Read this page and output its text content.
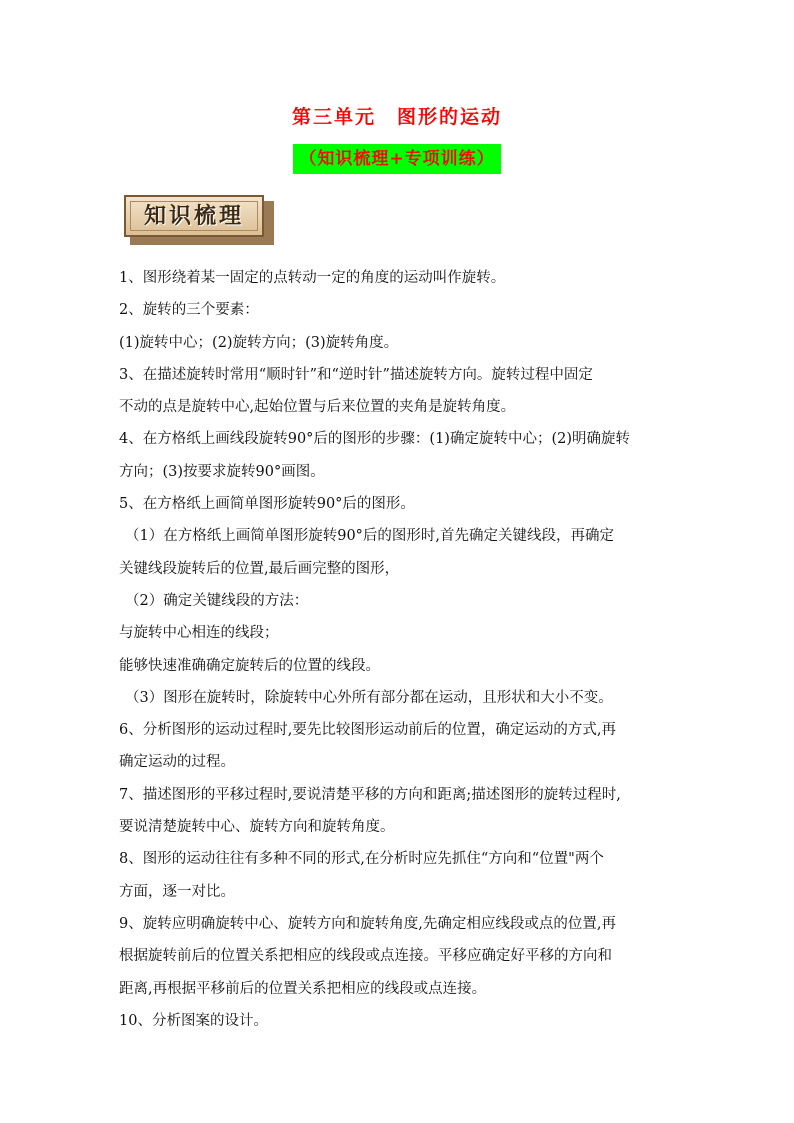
第三单元　图形的运动
（知识梳理+专项训练）
知识梳理
1、图形绕着某一固定的点转动一定的角度的运动叫作旋转。
2、旋转的三个要素：
(1)旋转中心；(2)旋转方向；(3)旋转角度。
3、在描述旋转时常用“顺时针”和“逆时针”描述旋转方向。旋转过程中固定
不动的点是旋转中心,起始位置与后来位置的夹角是旋转角度。
4、在方格纸上画线段旋转90°后的图形的步骤：(1)确定旋转中心；(2)明确旋转
方向；(3)按要求旋转90°画图。
5、在方格纸上画简单图形旋转90°后的图形。
（1）在方格纸上画简单图形旋转90°后的图形时,首先确定关键线段，再确定
关键线段旋转后的位置,最后画完整的图形，
（2）确定关键线段的方法：
与旋转中心相连的线段；
能够快速准确确定旋转后的位置的线段。
（3）图形在旋转时，除旋转中心外所有部分都在运动，且形状和大小不变。
6、分析图形的运动过程时,要先比较图形运动前后的位置，确定运动的方式,再
确定运动的过程。
7、描述图形的平移过程时,要说清楚平移的方向和距离;描述图形的旋转过程时,
要说清楚旋转中心、旋转方向和旋转角度。
8、图形的运动往往有多种不同的形式,在分析时应先抓住“方向和“位置"两个
方面，逐一对比。
9、旋转应明确旋转中心、旋转方向和旋转角度,先确定相应线段或点的位置,再
根据旋转前后的位置关系把相应的线段或点连接。平移应确定好平移的方向和
距离,再根据平移前后的位置关系把相应的线段或点连接。
10、分析图案的设计。
